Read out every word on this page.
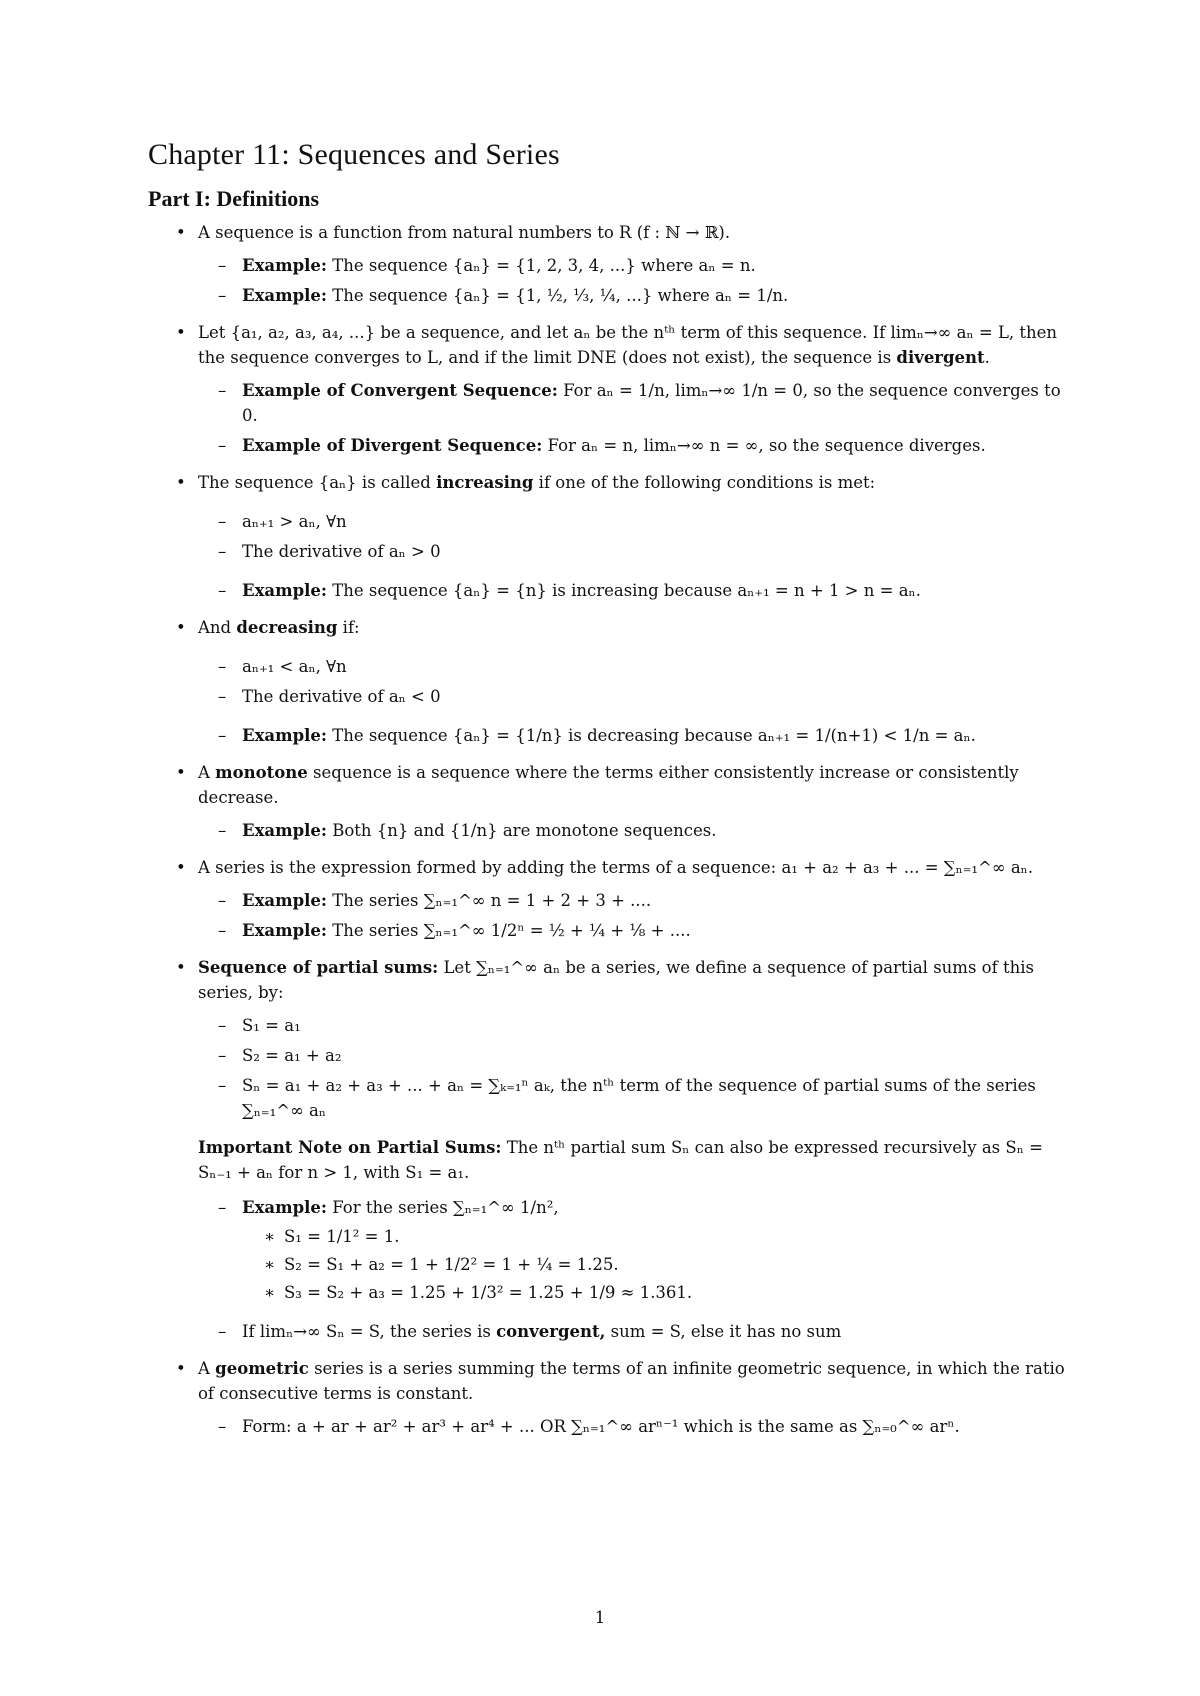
Chapter 11: Sequences and Series
Part I: Definitions
• A sequence is a function from natural numbers to R (f : ℕ → ℝ).
– Example: The sequence {aₙ} = {1, 2, 3, 4, ...} where aₙ = n.
– Example: The sequence {aₙ} = {1, ½, ⅓, ¼, ...} where aₙ = 1/n.
• Let {a₁, a₂, a₃, a₄, ...} be a sequence, and let aₙ be the nᵗʰ term of this sequence. If limₙ→∞ aₙ = L, then the sequence converges to L, and if the limit DNE (does not exist), the sequence is divergent.
– Example of Convergent Sequence: For aₙ = 1/n, limₙ→∞ 1/n = 0, so the sequence converges to 0.
– Example of Divergent Sequence: For aₙ = n, limₙ→∞ n = ∞, so the sequence diverges.
• The sequence {aₙ} is called increasing if one of the following conditions is met:
– aₙ₊₁ > aₙ, ∀n
– The derivative of aₙ > 0
– Example: The sequence {aₙ} = {n} is increasing because aₙ₊₁ = n + 1 > n = aₙ.
• And decreasing if:
– aₙ₊₁ < aₙ, ∀n
– The derivative of aₙ < 0
– Example: The sequence {aₙ} = {1/n} is decreasing because aₙ₊₁ = 1/(n+1) < 1/n = aₙ.
• A monotone sequence is a sequence where the terms either consistently increase or consistently decrease.
– Example: Both {n} and {1/n} are monotone sequences.
• A series is the expression formed by adding the terms of a sequence: a₁ + a₂ + a₃ + ... = ∑ₙ₌₁^∞ aₙ.
– Example: The series ∑ₙ₌₁^∞ n = 1 + 2 + 3 + ....
– Example: The series ∑ₙ₌₁^∞ 1/2ⁿ = ½ + ¼ + ⅛ + ....
• Sequence of partial sums: Let ∑ₙ₌₁^∞ aₙ be a series, we define a sequence of partial sums of this series, by:
– S₁ = a₁
– S₂ = a₁ + a₂
– Sₙ = a₁ + a₂ + a₃ + ... + aₙ = ∑ₖ₌₁ⁿ aₖ, the nᵗʰ term of the sequence of partial sums of the series ∑ₙ₌₁^∞ aₙ
Important Note on Partial Sums: The nᵗʰ partial sum Sₙ can also be expressed recursively as Sₙ = Sₙ₋₁ + aₙ for n > 1, with S₁ = a₁.
– Example: For the series ∑ₙ₌₁^∞ 1/n²,
∗ S₁ = 1/1² = 1.
∗ S₂ = S₁ + a₂ = 1 + 1/2² = 1 + ¼ = 1.25.
∗ S₃ = S₂ + a₃ = 1.25 + 1/3² = 1.25 + 1/9 ≈ 1.361.
– If limₙ→∞ Sₙ = S, the series is convergent, sum = S, else it has no sum
• A geometric series is a series summing the terms of an infinite geometric sequence, in which the ratio of consecutive terms is constant.
– Form: a + ar + ar² + ar³ + ar⁴ + ... OR ∑ₙ₌₁^∞ arⁿ⁻¹ which is the same as ∑ₙ₌₀^∞ arⁿ.
1
